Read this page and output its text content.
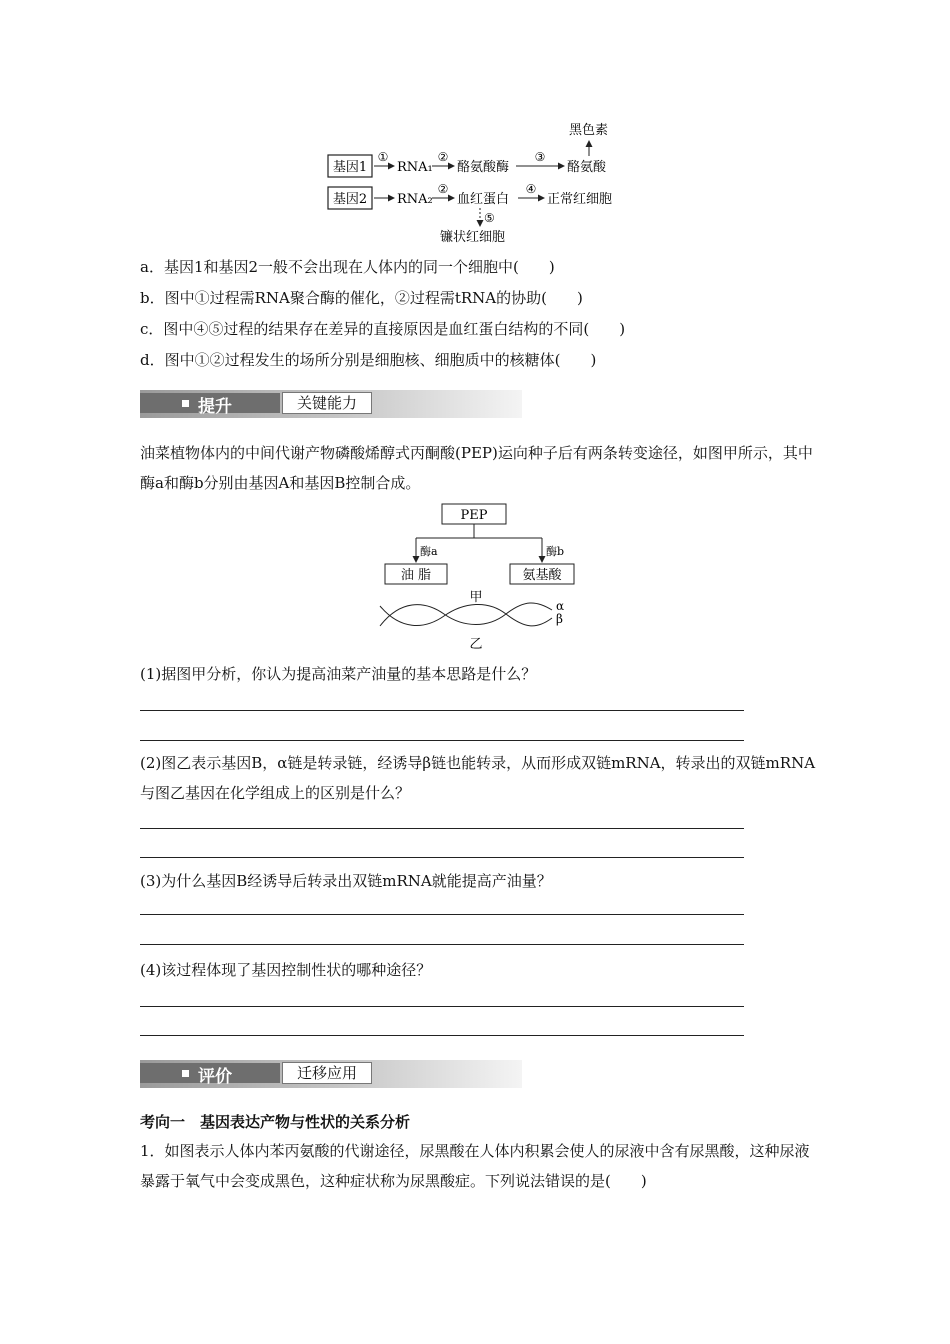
基因1
基因2
①
RNA₁
②
酪氨酸酶
③
酪氨酸
④
黑色素
RNA₂
②
血红蛋白
④
正常红细胞
⑤
镰状红细胞
a．基因1和基因2一般不会出现在人体内的同一个细胞中(　　)
b．图中①过程需RNA聚合酶的催化，②过程需tRNA的协助(　　)
c．图中④⑤过程的结果存在差异的直接原因是血红蛋白结构的不同(　　)
d．图中①②过程发生的场所分别是细胞核、细胞质中的核糖体(　　)
提升	关键能力
油菜植物体内的中间代谢产物磷酸烯醇式丙酮酸(PEP)运向种子后有两条转变途径，如图甲所示，其中酶a和酶b分别由基因A和基因B控制合成。
PEP
酶a	酶b
油 脂	氨基酸
甲
α
β
乙
(1)据图甲分析，你认为提高油菜产油量的基本思路是什么？
(2)图乙表示基因B，α链是转录链，经诱导β链也能转录，从而形成双链mRNA，转录出的双链mRNA与图乙基因在化学组成上的区别是什么？
(3)为什么基因B经诱导后转录出双链mRNA就能提高产油量？
(4)该过程体现了基因控制性状的哪种途径？
评价	迁移应用
考向一　基因表达产物与性状的关系分析
1．如图表示人体内苯丙氨酸的代谢途径，尿黑酸在人体内积累会使人的尿液中含有尿黑酸，这种尿液暴露于氧气中会变成黑色，这种症状称为尿黑酸症。下列说法错误的是(　　)
